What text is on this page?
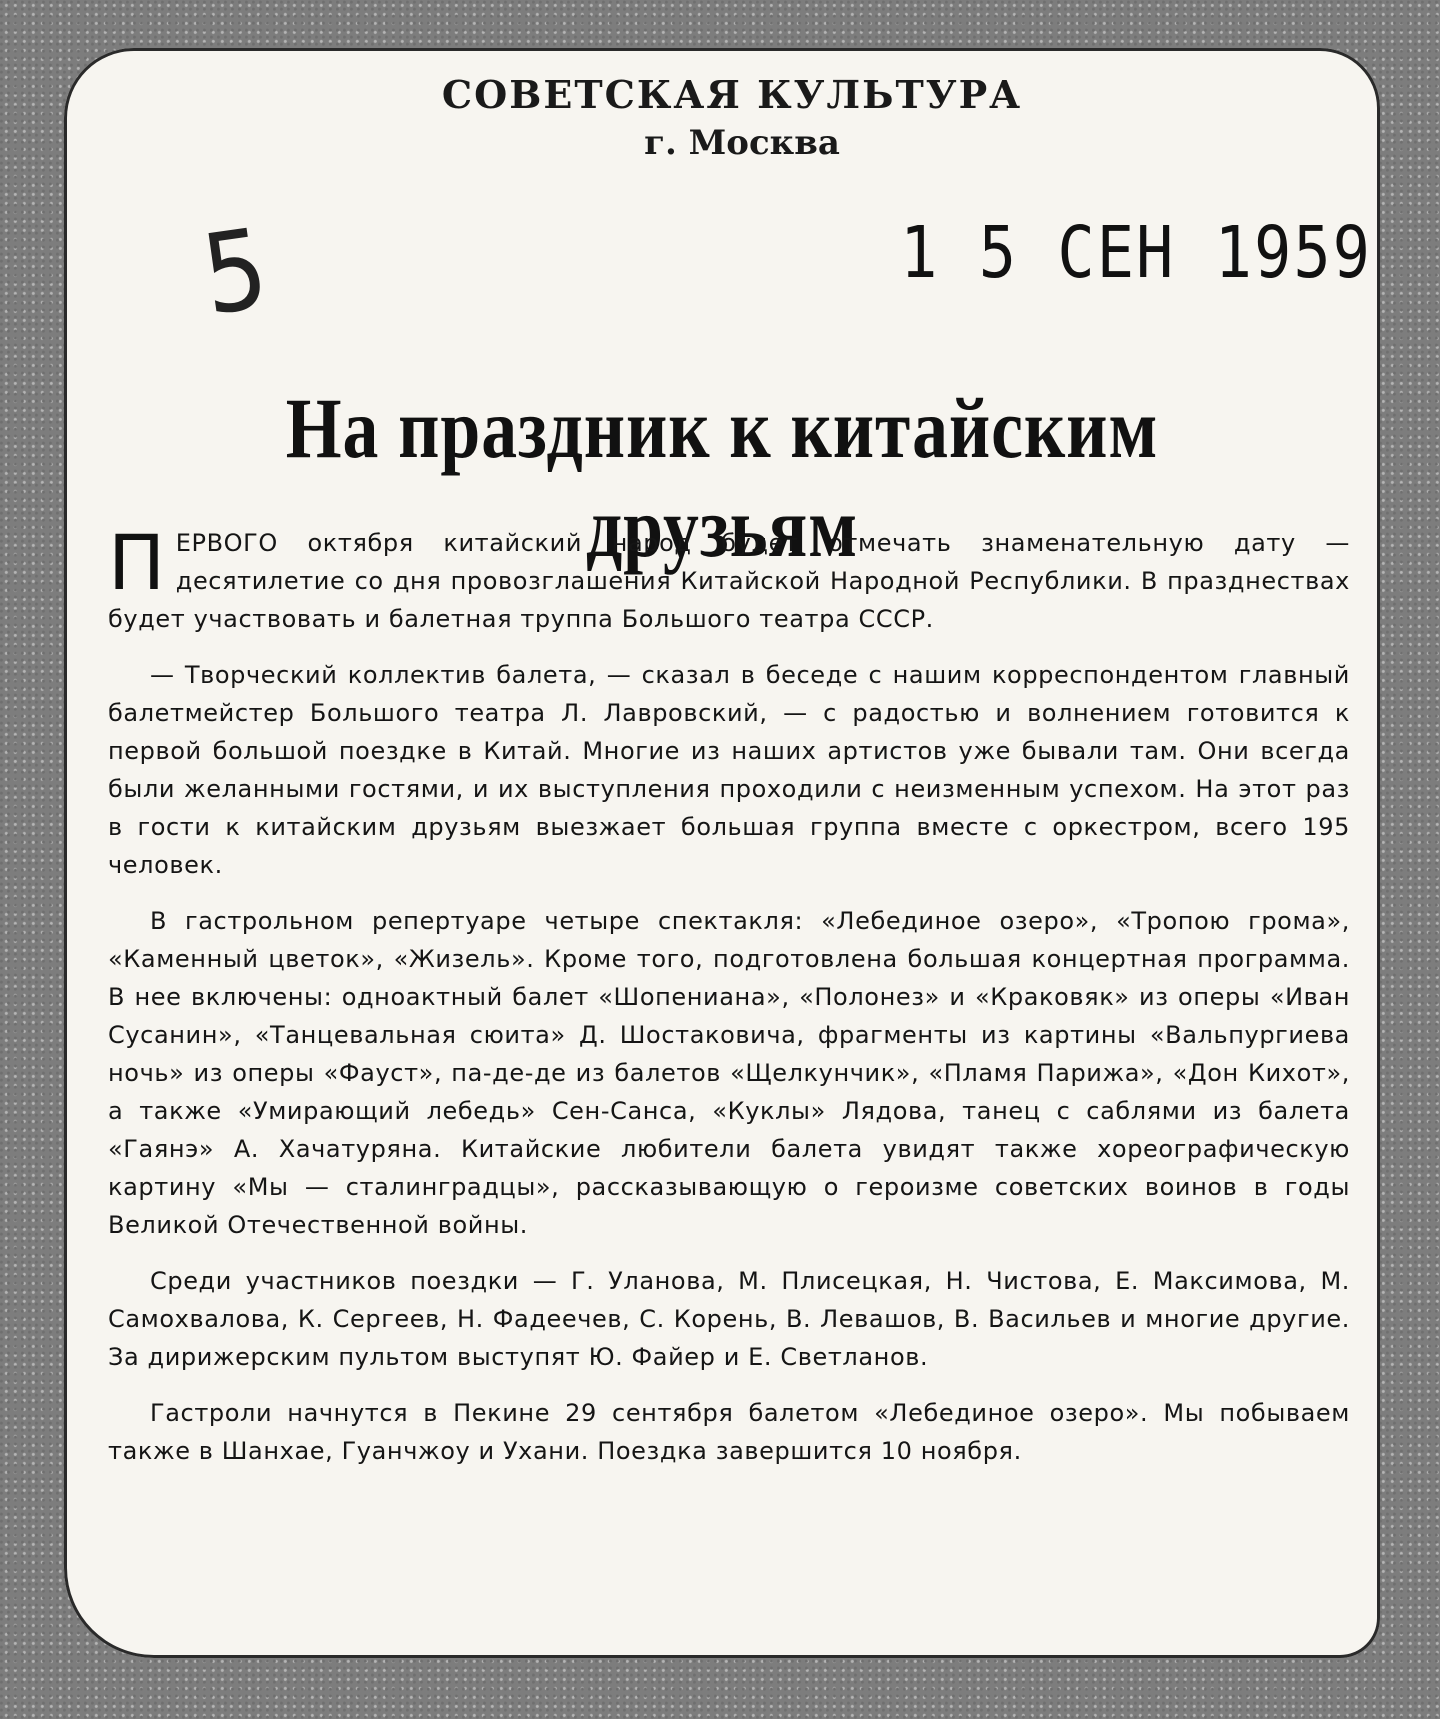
СОВЕТСКАЯ КУЛЬТУРА
г. Москва
5	1 5 СЕН 1959
На праздник к китайским друзьям

ПЕРВОГО октября китайский народ будет отмечать знаменательную дату — десятилетие со дня провозглашения Китайской Народной Республики. В празднествах будет участвовать и балетная труппа Большого театра СССР.

— Творческий коллектив балета, — сказал в беседе с нашим корреспондентом главный балетмейстер Большого театра Л. Лавровский, — с радостью и волнением готовится к первой большой поездке в Китай. Многие из наших артистов уже бывали там. Они всегда были желанными гостями, и их выступления проходили с неизменным успехом. На этот раз в гости к китайским друзьям выезжает большая группа вместе с оркестром, всего 195 человек.

В гастрольном репертуаре четыре спектакля: «Лебединое озеро», «Тропою грома», «Каменный цветок», «Жизель». Кроме того, подготовлена большая концертная программа. В нее включены: одноактный балет «Шопениана», «Полонез» и «Краковяк» из оперы «Иван Сусанин», «Танцевальная сюита» Д. Шостаковича, фрагменты из картины «Вальпургиева ночь» из оперы «Фауст», па-де-де из балетов «Щелкунчик», «Пламя Парижа», «Дон Кихот», а также «Умирающий лебедь» Сен-Санса, «Куклы» Лядова, танец с саблями из балета «Гаянэ» А. Хачатуряна. Китайские любители балета увидят также хореографическую картину «Мы — сталинградцы», рассказывающую о героизме советских воинов в годы Великой Отечественной войны.

Среди участников поездки — Г. Уланова, М. Плисецкая, Н. Чистова, Е. Максимова, М. Самохвалова, К. Сергеев, Н. Фадеечев, С. Корень, В. Левашов, В. Васильев и многие другие. За дирижерским пультом выступят Ю. Файер и Е. Светланов.

Гастроли начнутся в Пекине 29 сентября балетом «Лебединое озеро». Мы побываем также в Шанхае, Гуанчжоу и Ухани. Поездка завершится 10 ноября.
